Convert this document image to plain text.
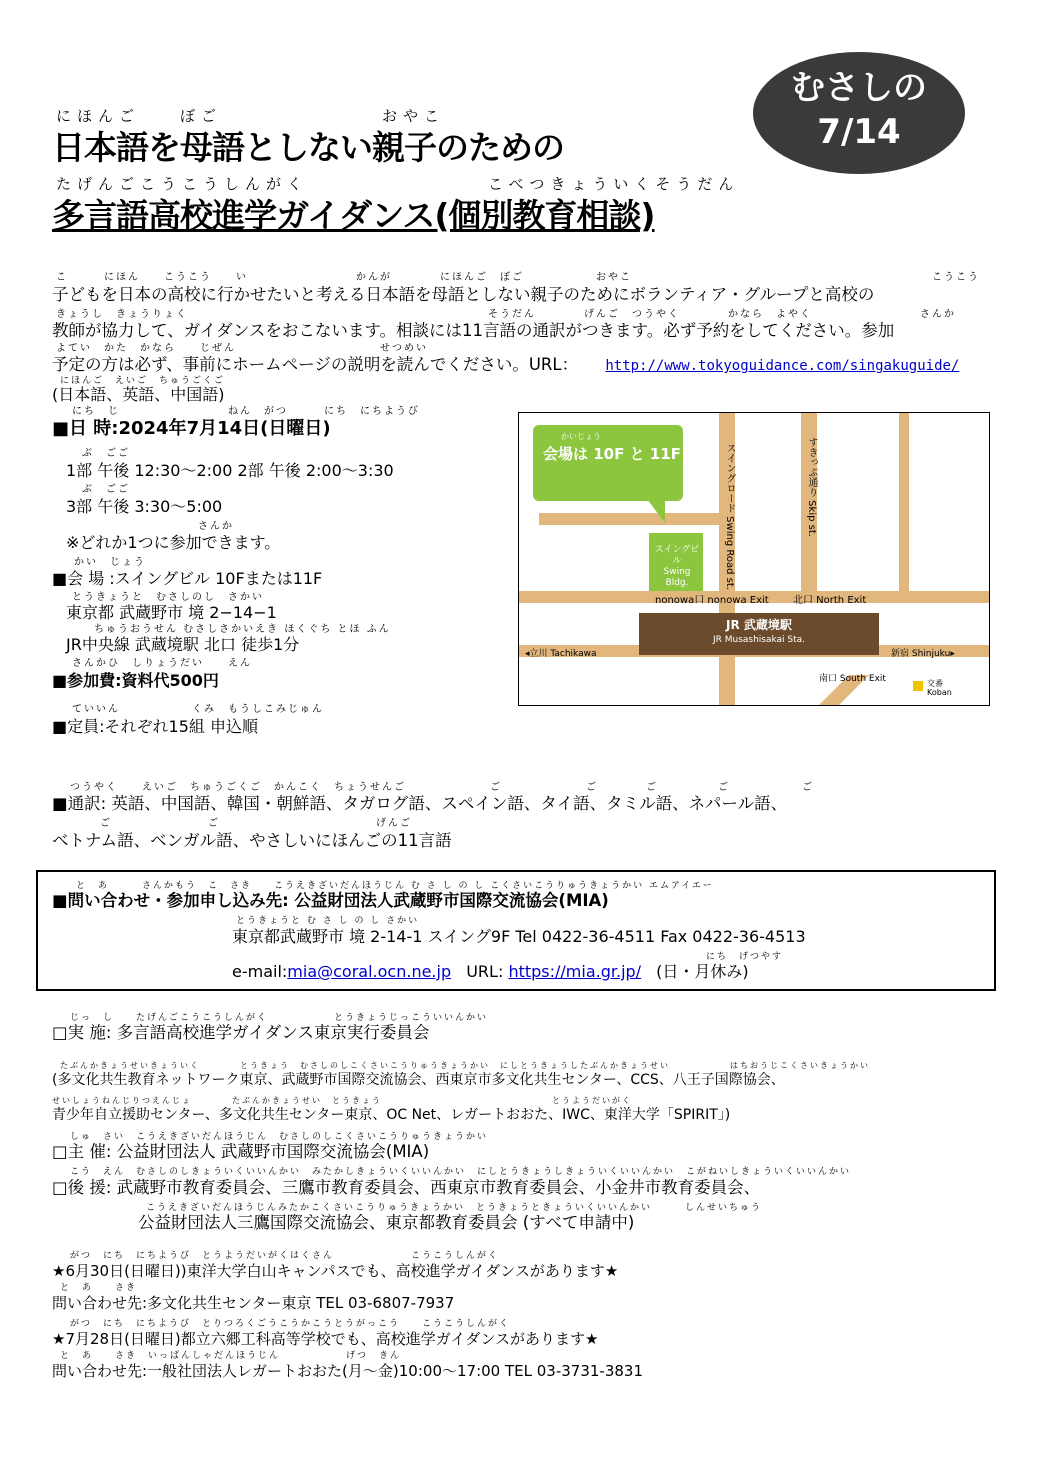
むさしの
7/14
にほんご	ぼご	おやこ
日本語を母語としない親子のための
たげんごこうこうしんがく	こべつきょういくそうだん
多言語高校進学ガイダンス(個別教育相談)
こ　　　にほん　　こうこう　　い　　　　　　　　　かんが　　　　にほんご　ぼご　　　　　　おやこ　　　　　　　　　　　　　　　　　　　　　　　　　こうこう
子どもを日本の高校に行かせたいと考える日本語を母語としない親子のためにボランティア・グループと高校の
きょうし　きょうりょく　　　　　　　　　　　　　　　　　　　　　　　　　そうだん　　　　げんご　つうやく　　　　かなら　よやく　　　　　　　　　さんか
教師が協力して、ガイダンスをおこないます。相談には11言語の通訳がつきます。必ず予約をしてください。参加
よてい　かた　かなら　　じぜん　　　　　　　　　　　　せつめい
予定の方は必ず、事前にホームページの説明を読んでください。URL： http://www.tokyoguidance.com/singakuguide/
にほんご　えいご　ちゅうごくご
(日本語、英語、中国語)
にち　じ　　　　　　　　　ねん　がつ　　　にち　にちようび
■日 時:2024年7月14日(日曜日)
ぶ　ごご
1部 午後 12:30〜2:00 2部 午後 2:00〜3:30
ぶ　ごご
3部 午後 3:30〜5:00
さんか
※どれか1つに参加できます。
かい　じょう
■会 場 :スイングビル 10Fまたは11F
とうきょうと　むさしのし　さかい
東京都 武蔵野市 境 2−14−1
ちゅうおうせん むさしさかいえき ほくぐち とほ ふん
JR中央線 武蔵境駅 北口 徒歩1分
さんかひ　しりょうだい　　えん
■参加費:資料代500円
ていいん　　　　　　くみ　もうしこみじゅん
■定員:それぞれ15組 申込順
かいじょう
会場は 10F と 11F
スイングビル
Swing Bldg.	スイングロード Swing Road st.	すきっぷ通り Skip st.
nonowa口 nonowa Exit 北口 North Exit
JR 武蔵境駅
JR Musashisakai Sta.
◂立川 Tachikawa	新宿 Shinjuku▸
南口 South Exit	交番
Koban
つうやく　　えいご　ちゅうごくご　かんこく　ちょうせんご　　　　　　　ご　　　　　　　ご　　　　ご　　　　　ご　　　　　　ご
■通訳: 英語、中国語、韓国・朝鮮語、タガログ語、スペイン語、タイ語、タミル語、ネパール語、
ご　　　　　　　　ご　　　　　　　　　　　　　げんご
ベトナム語、ベンガル語、やさしいにほんごの11言語
と　あ　　　さんかもう　こ　さき　　こうえきざいだんほうじん む さ し の し こくさいこうりゅうきょうかい エムアイエー
■問い合わせ・参加申し込み先: 公益財団法人武蔵野市国際交流協会(MIA)
とうきょうと む さ し の し さかい
東京都武蔵野市 境 2-14-1 スイング9F Tel 0422-36-4511 Fax 0422-36-4513
にち　げつやす
e-mail:mia@coral.ocn.ne.jp URL: https://mia.gr.jp/ (日・月休み)
じっ　し　　たげんごこうこうしんがく　　　　　　とうきょうじっこういいんかい
□実 施: 多言語高校進学ガイダンス東京実行委員会
たぶんかきょうせいきょういく　　　　とうきょう　むさしのしこくさいこうりゅうきょうかい　にしとうきょうしたぶんかきょうせい　　　　　　はちおうじこくさいきょうかい
(多文化共生教育ネットワーク東京、武蔵野市国際交流協会、西東京市多文化共生センター、CCS、八王子国際協会、
せいしょうねんじりつえんじょ　　　　たぶんかきょうせい　とうきょう　　　　　　　　　　　　　　　　　とうようだいがく
青少年自立援助センター、多文化共生センター東京、OC Net、レガートおおた、IWC、東洋大学「SPIRIT」)
しゅ　さい　こうえきざいだんほうじん　むさしのしこくさいこうりゅうきょうかい
□主 催: 公益財団法人 武蔵野市国際交流協会(MIA)
こう　えん　むさしのしきょういくいいんかい　みたかしきょういくいいんかい　にしとうきょうしきょういくいいんかい　こがねいしきょういくいいんかい
□後 援: 武蔵野市教育委員会、三鷹市教育委員会、西東京市教育委員会、小金井市教育委員会、
こうえきざいだんほうじんみたかこくさいこうりゅうきょうかい　とうきょうときょういくいいんかい　　　しんせいちゅう
公益財団法人三鷹国際交流協会、東京都教育委員会 (すべて申請中)
がつ　にち　にちようび　とうようだいがくはくさん　　　　　　　こうこうしんがく
★6月30日(日曜日))東洋大学白山キャンパスでも、高校進学ガイダンスがあります★
と　あ　　さき
問い合わせ先:多文化共生センター東京 TEL 03-6807-7937
がつ　にち　にちようび　とりつろくごうこうかこうとうがっこう　　こうこうしんがく
★7月28日(日曜日)都立六郷工科高等学校でも、高校進学ガイダンスがあります★
と　あ　　さき　いっぱんしゃだんほうじん　　　　　　げつ　きん
問い合わせ先:一般社団法人レガートおおた(月〜金)10:00〜17:00 TEL 03-3731-3831
